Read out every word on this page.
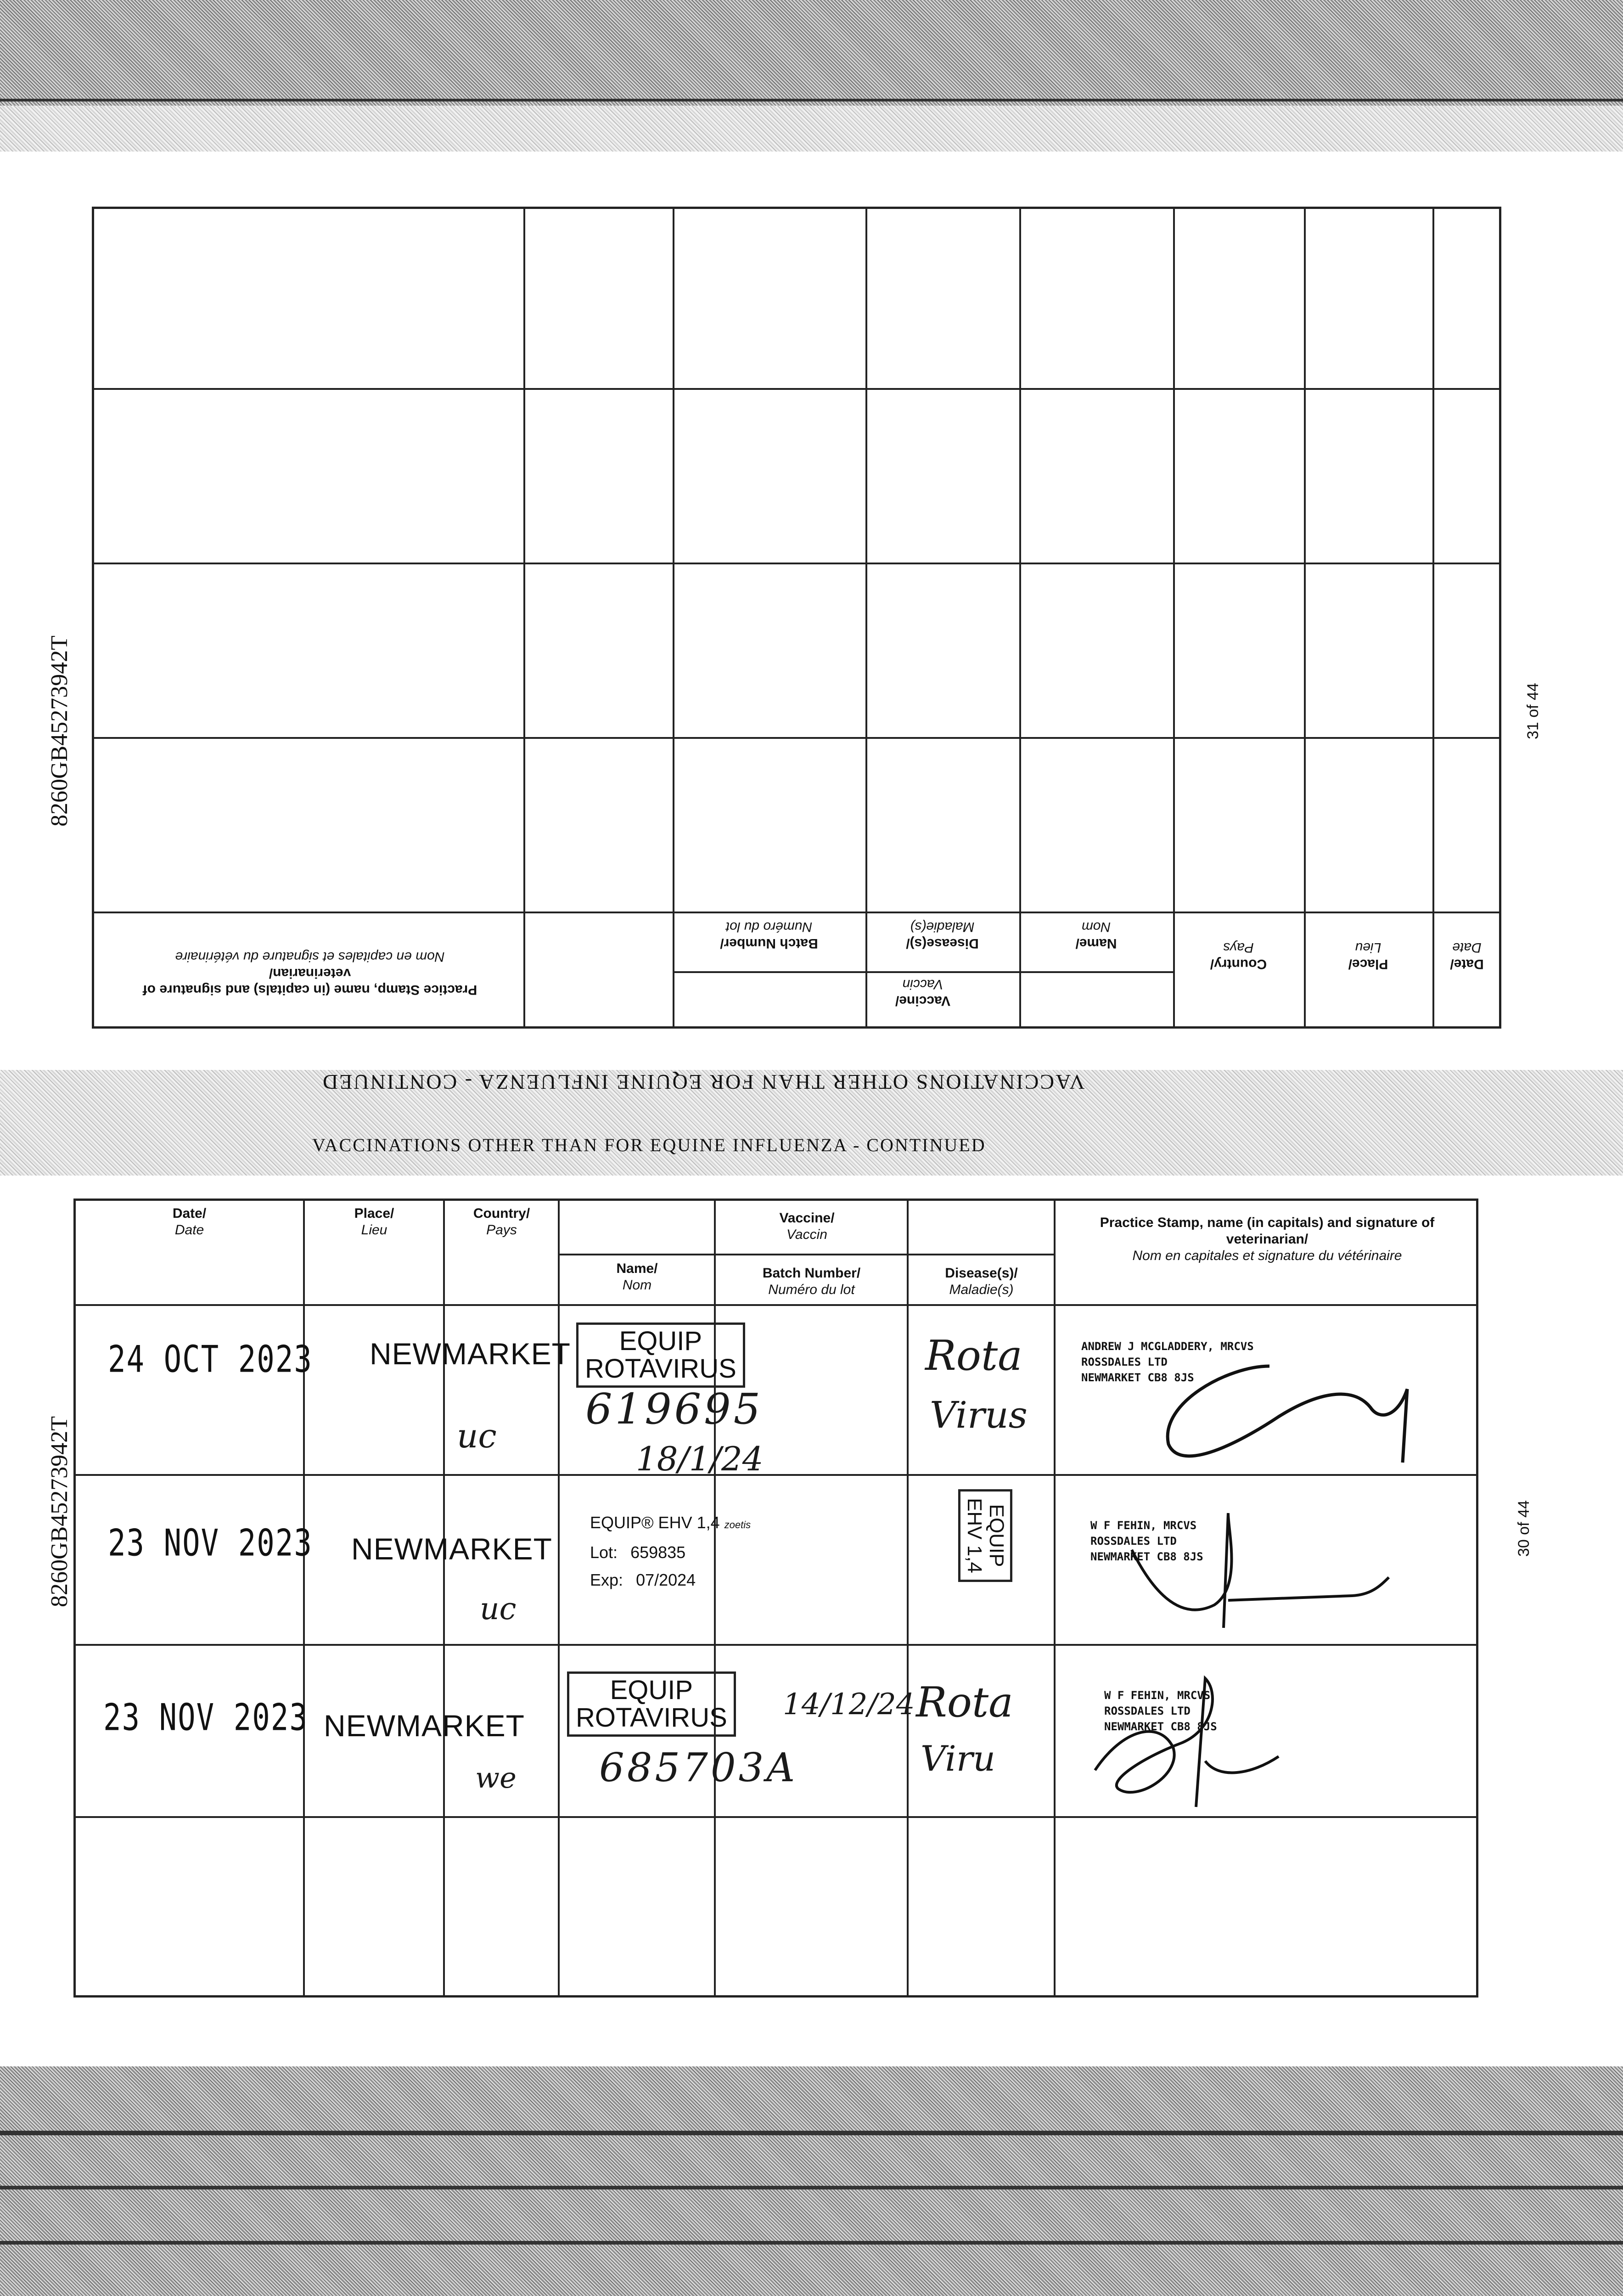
VACCINATIONS OTHER THAN FOR EQUINE INFLUENZA - CONTINUED
VACCINATIONS OTHER THAN FOR EQUINE INFLUENZA - CONTINUED
8260GB45273942T
8260GB45273942T
31 of 44
30 of 44
Date/
Date
Place/
Lieu
Country/
Pays
Vaccine/
Vaccin
Name/
Nom
Batch Number/
Numéro du lot
Disease(s)/
Maladie(s)
Practice Stamp, name (in capitals) and signature of veterinarian/
Nom en capitales et signature du vétérinaire
Date/
Date
Place/
Lieu
Country/
Pays
Vaccine/
Vaccin
Name/
Nom
Batch Number/
Numéro du lot
Disease(s)/
Maladie(s)
Practice Stamp, name (in capitals) and signature of veterinarian/
Nom en capitales et signature du vétérinaire
24 OCT 2023 NEWMARKET
uc
EQUIP
ROTAVIRUS
619695
18/1/24
Rota
Virus
ANDREW J MCGLADDERY, MRCVS
ROSSDALES LTD
NEWMARKET CB8 8JS
23 NOV 2023 NEWMARKET
uc
EQUIP® EHV 1,4 zoetis
Lot: 659835
Exp: 07/2024
EQUIP
EHV 1,4	W F FEHIN, MRCVS
ROSSDALES LTD
NEWMARKET CB8 8JS
23 NOV 2023 NEWMARKET
we
EQUIP
ROTAVIRUS 14/12/24
685703A
Rota
Viru
W F FEHIN, MRCVS
ROSSDALES LTD
NEWMARKET CB8 8JS
